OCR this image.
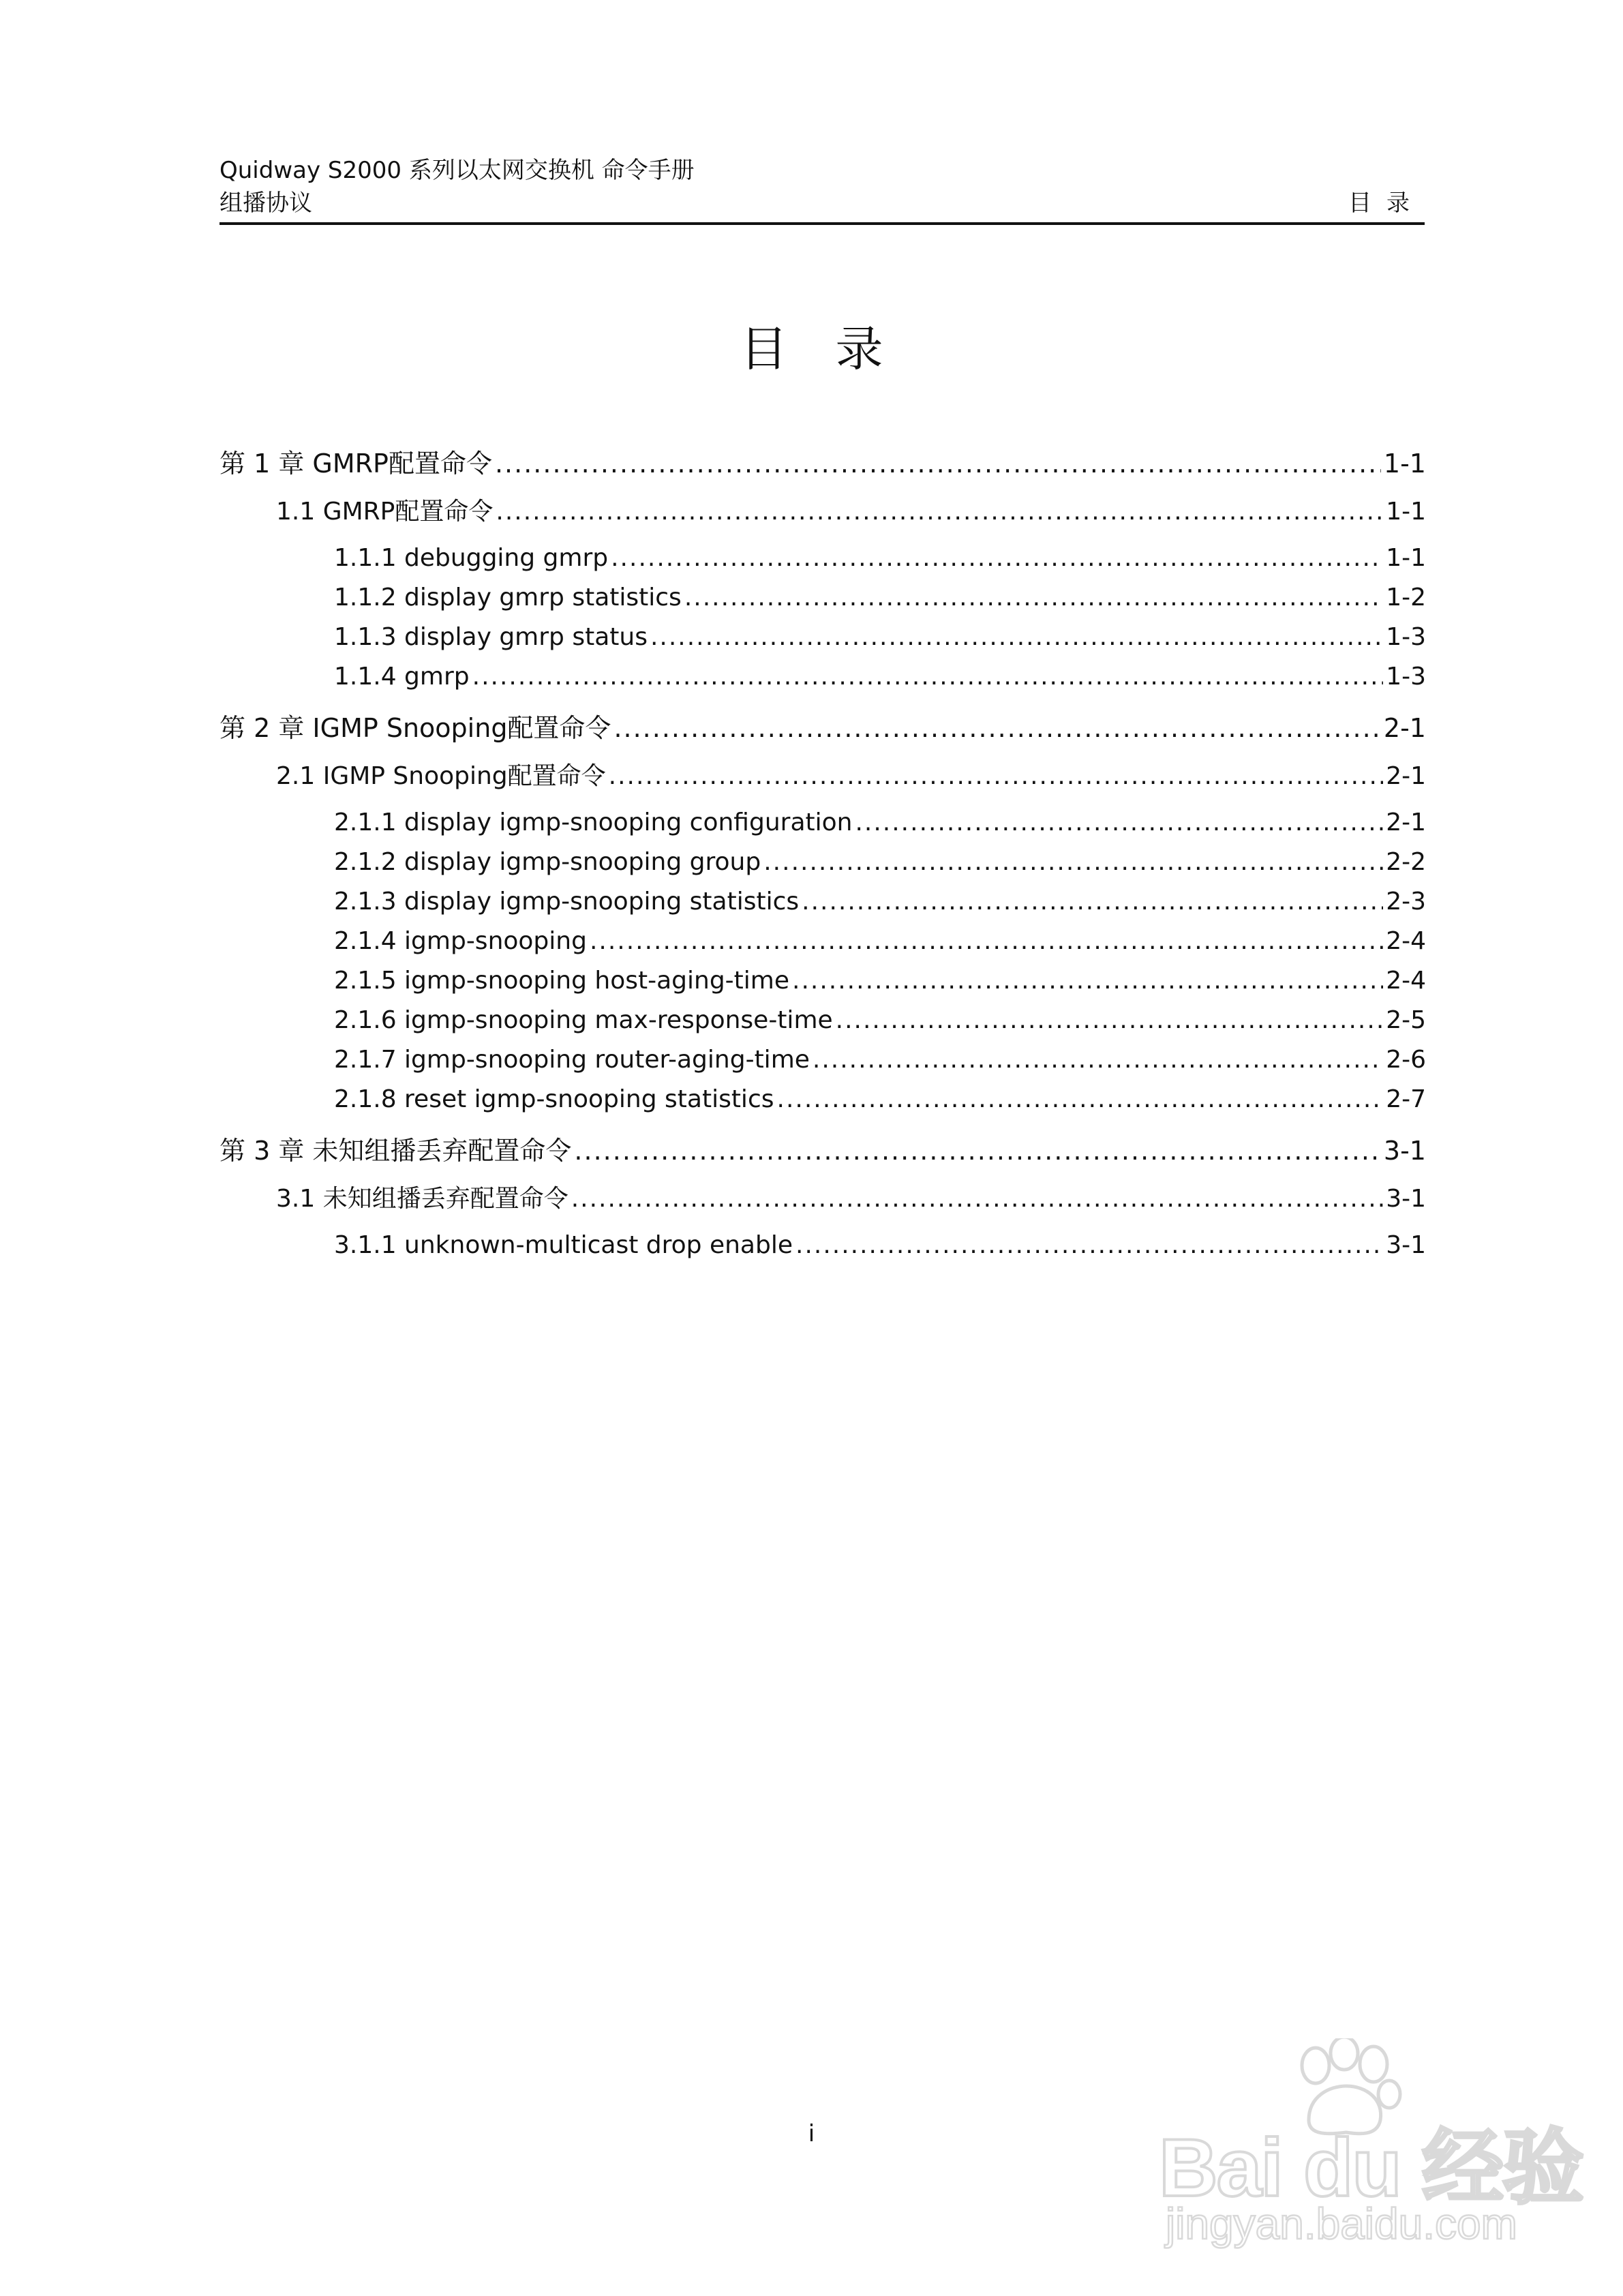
Quidway S2000 系列以太网交换机 命令手册
组播协议	目录
目录
第 1 章 GMRP配置命令 .....	1-1
1.1 GMRP配置命令 .....	1-1
1.1.1 debugging gmrp .....	1-1
1.1.2 display gmrp statistics .....	1-2
1.1.3 display gmrp status .....	1-3
1.1.4 gmrp .....	1-3
第 2 章 IGMP Snooping配置命令 .....	2-1
2.1 IGMP Snooping配置命令 .....	2-1
2.1.1 display igmp-snooping configuration .....	2-1
2.1.2 display igmp-snooping group .....	2-2
2.1.3 display igmp-snooping statistics .....	2-3
2.1.4 igmp-snooping .....	2-4
2.1.5 igmp-snooping host-aging-time .....	2-4
2.1.6 igmp-snooping max-response-time .....	2-5
2.1.7 igmp-snooping router-aging-time .....	2-6
2.1.8 reset igmp-snooping statistics .....	2-7
第 3 章 未知组播丢弃配置命令 .....	3-1
3.1 未知组播丢弃配置命令 .....	3-1
3.1.1 unknown-multicast drop enable .....	3-1
i	Bai du 经验
jingyan.baidu.com
